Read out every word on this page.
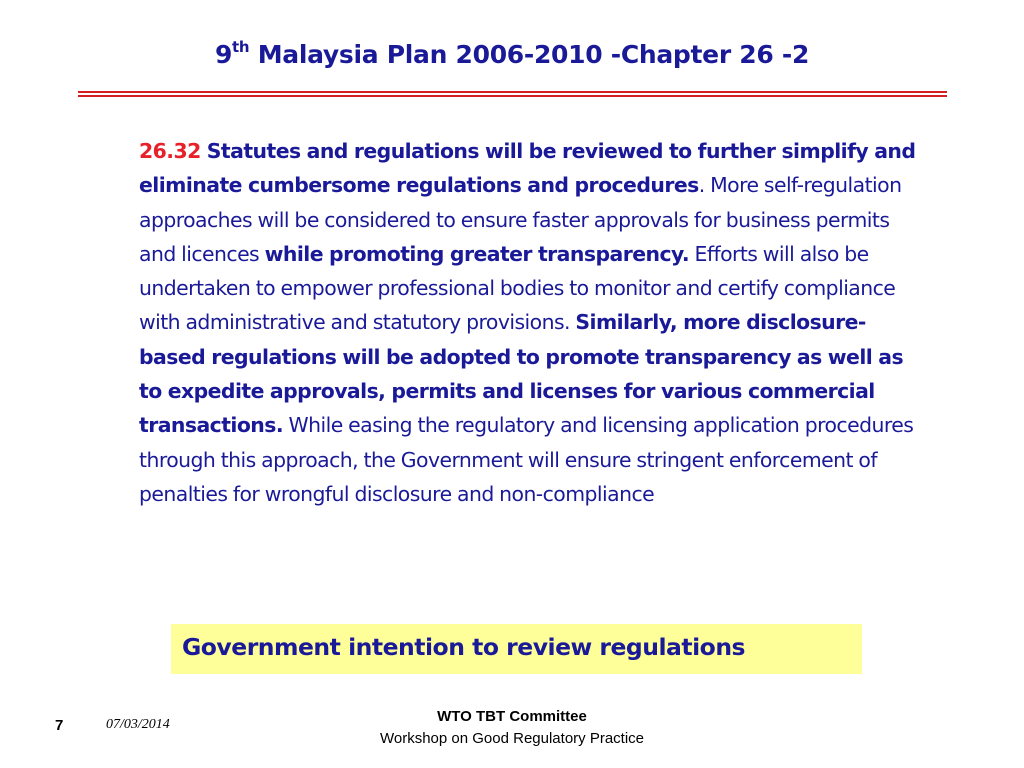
9th Malaysia Plan 2006-2010 -Chapter 26 -2
26.32 Statutes and regulations will be reviewed to further simplify and eliminate cumbersome regulations and procedures. More self-regulation approaches will be considered to ensure faster approvals for business permits and licences while promoting greater transparency. Efforts will also be undertaken to empower professional bodies to monitor and certify compliance with administrative and statutory provisions. Similarly, more disclosure-based regulations will be adopted to promote transparency as well as to expedite approvals, permits and licenses for various commercial transactions. While easing the regulatory and licensing application procedures through this approach, the Government will ensure stringent enforcement of penalties for wrongful disclosure and non-compliance
Government intention to review regulations
7	07/03/2014	WTO TBT Committee
Workshop on Good Regulatory Practice
